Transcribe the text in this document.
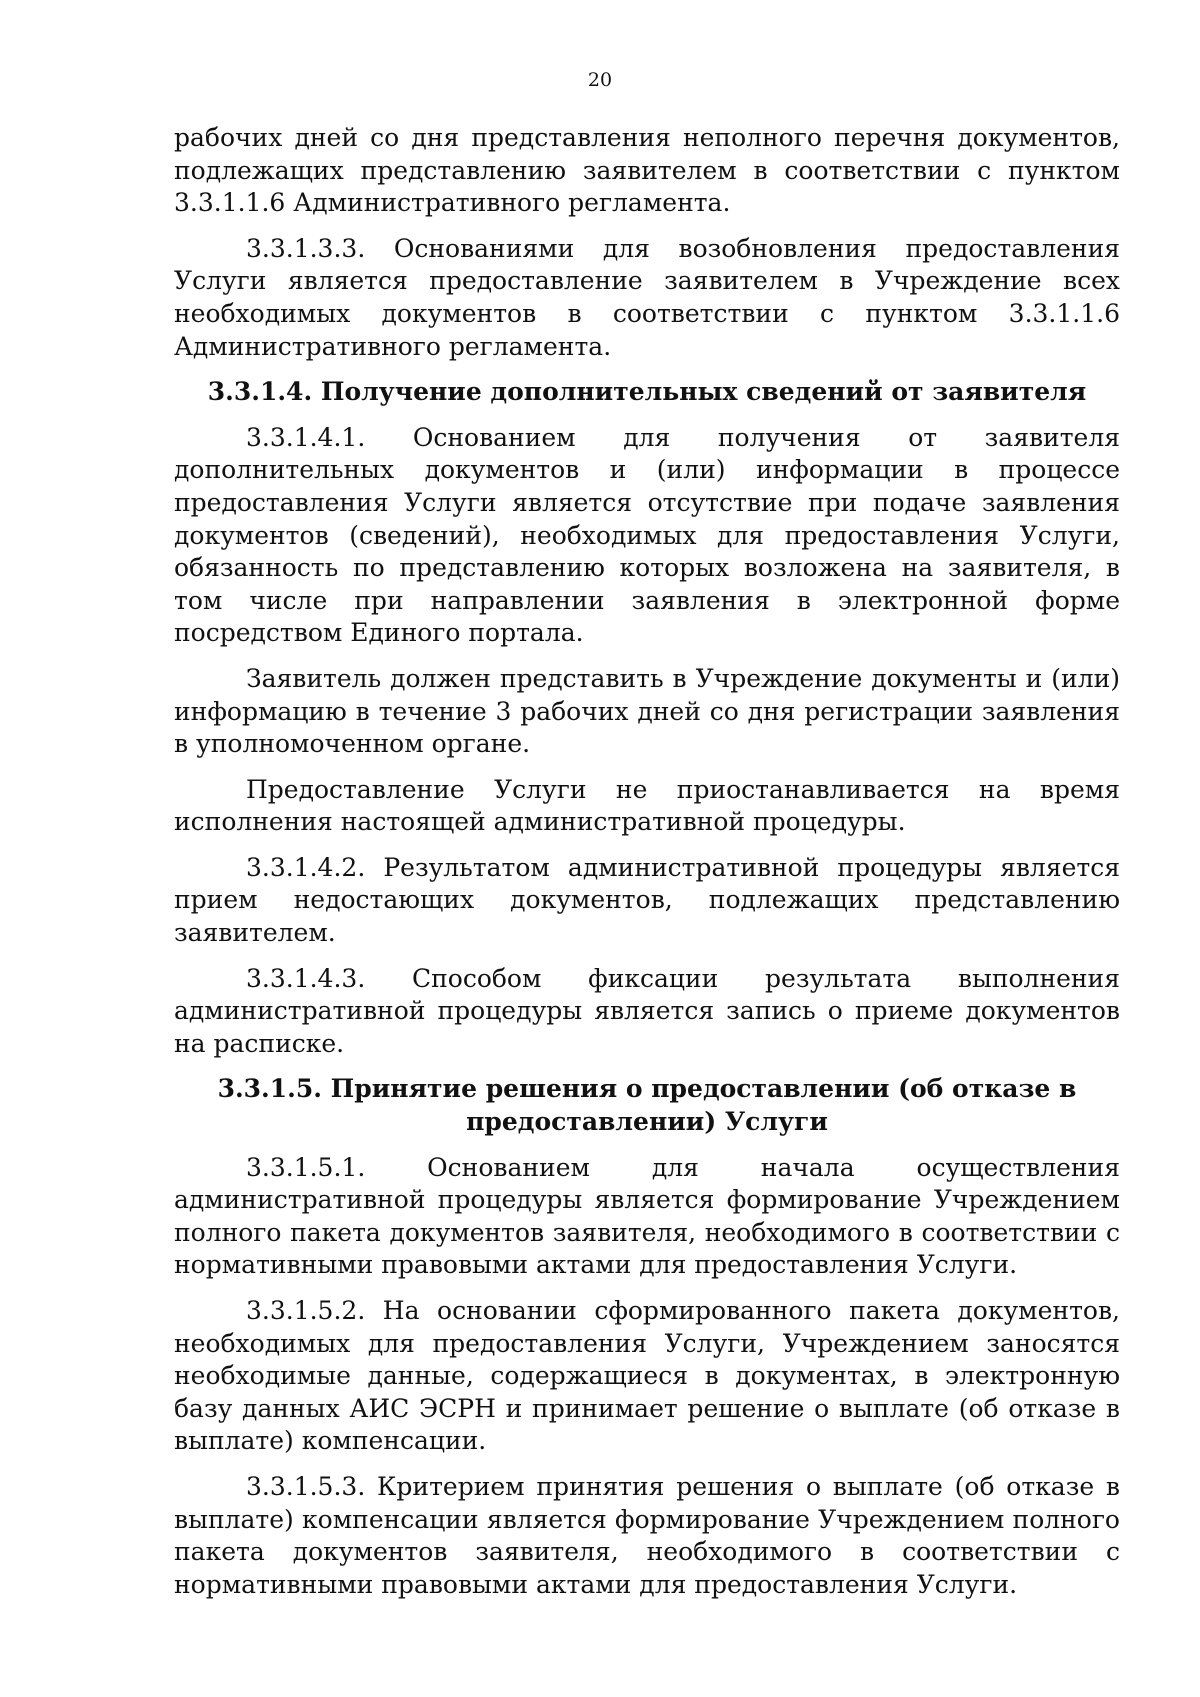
20

рабочих дней со дня представления неполного перечня документов, подлежащих представлению заявителем в соответствии с пунктом 3.3.1.1.6 Административного регламента.

3.3.1.3.3. Основаниями для возобновления предоставления Услуги является предоставление заявителем в Учреждение всех необходимых документов в соответствии с пунктом 3.3.1.1.6 Административного регламента.

3.3.1.4. Получение дополнительных сведений от заявителя

3.3.1.4.1. Основанием для получения от заявителя дополнительных документов и (или) информации в процессе предоставления Услуги является отсутствие при подаче заявления документов (сведений), необходимых для предоставления Услуги, обязанность по представлению которых возложена на заявителя, в том числе при направлении заявления в электронной форме посредством Единого портала.

Заявитель должен представить в Учреждение документы и (или) информацию в течение 3 рабочих дней со дня регистрации заявления в уполномоченном органе.

Предоставление Услуги не приостанавливается на время исполнения настоящей административной процедуры.

3.3.1.4.2. Результатом административной процедуры является прием недостающих документов, подлежащих представлению заявителем.

3.3.1.4.3. Способом фиксации результата выполнения административной процедуры является запись о приеме документов на расписке.

3.3.1.5. Принятие решения о предоставлении (об отказе в
предоставлении) Услуги

3.3.1.5.1. Основанием для начала осуществления административной процедуры является формирование Учреждением полного пакета документов заявителя, необходимого в соответствии с нормативными правовыми актами для предоставления Услуги.

3.3.1.5.2. На основании сформированного пакета документов, необходимых для предоставления Услуги, Учреждением заносятся необходимые данные, содержащиеся в документах, в электронную базу данных АИС ЭСРН и принимает решение о выплате (об отказе в выплате) компенсации.

3.3.1.5.3. Критерием принятия решения о выплате (об отказе в выплате) компенсации является формирование Учреждением полного пакета документов заявителя, необходимого в соответствии с нормативными правовыми актами для предоставления Услуги.
